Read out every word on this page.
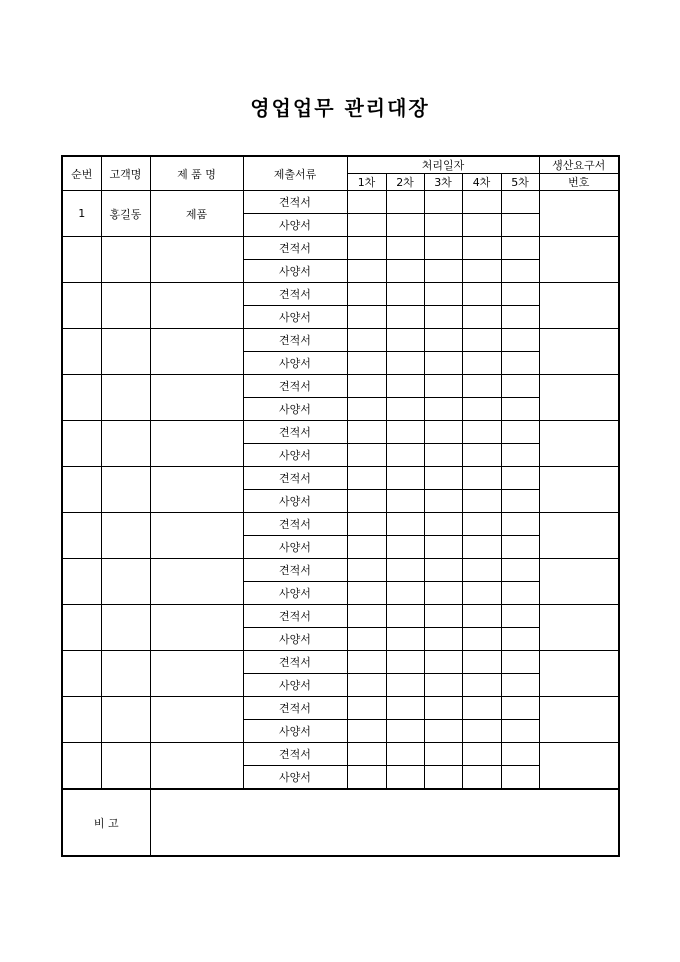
영업업무 관리대장
순번	고객명	제 품 명	제출서류	처리일자					생산요구서
				1차	2차	3차	4차	5차	번호
1	홍길동	제품	견적서						
			사양서						
			견적서						
			사양서						
			견적서						
			사양서						
			견적서						
			사양서						
			견적서						
			사양서						
			견적서						
			사양서						
			견적서						
			사양서						
			견적서						
			사양서						
			견적서						
			사양서						
			견적서						
			사양서						
			견적서						
			사양서						
			견적서						
			사양서						
			견적서						
			사양서						
비 고									
